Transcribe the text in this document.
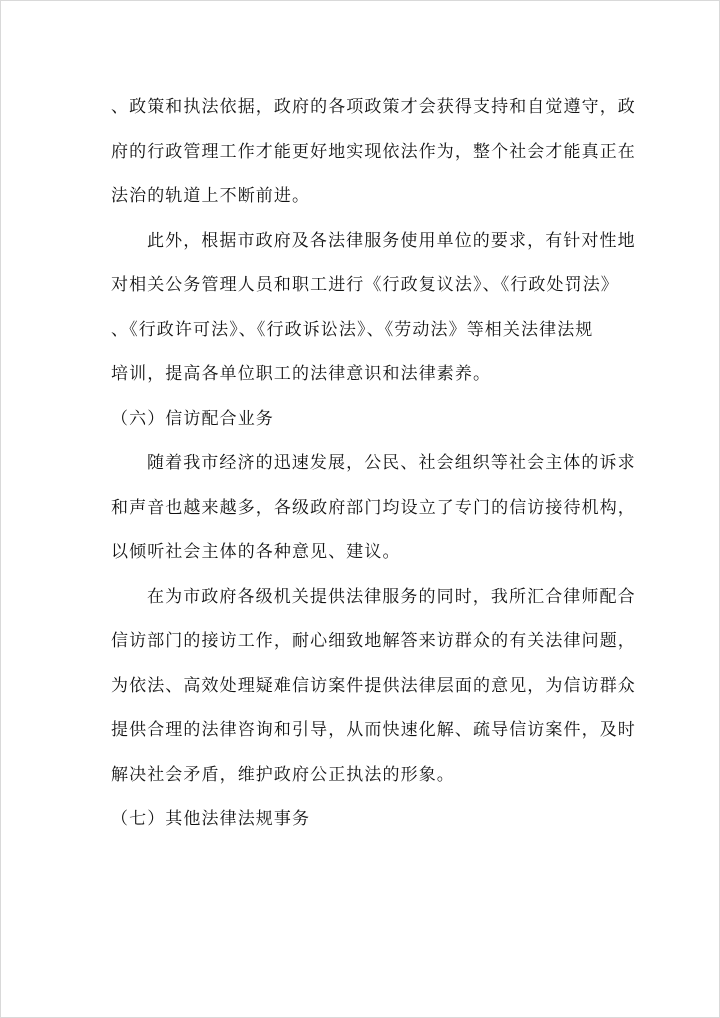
、政策和执法依据，政府的各项政策才会获得支持和自觉遵守，政
府的行政管理工作才能更好地实现依法作为，整个社会才能真正在
法治的轨道上不断前进。
此外，根据市政府及各法律服务使用单位的要求，有针对性地
对相关公务管理人员和职工进行《行政复议法》、《行政处罚法》
、《行政许可法》、《行政诉讼法》、《劳动法》等相关法律法规
培训，提高各单位职工的法律意识和法律素养。
（六）信访配合业务
随着我市经济的迅速发展，公民、社会组织等社会主体的诉求
和声音也越来越多，各级政府部门均设立了专门的信访接待机构，
以倾听社会主体的各种意见、建议。
在为市政府各级机关提供法律服务的同时，我所汇合律师配合
信访部门的接访工作，耐心细致地解答来访群众的有关法律问题，
为依法、高效处理疑难信访案件提供法律层面的意见，为信访群众
提供合理的法律咨询和引导，从而快速化解、疏导信访案件，及时
解决社会矛盾，维护政府公正执法的形象。
（七）其他法律法规事务
